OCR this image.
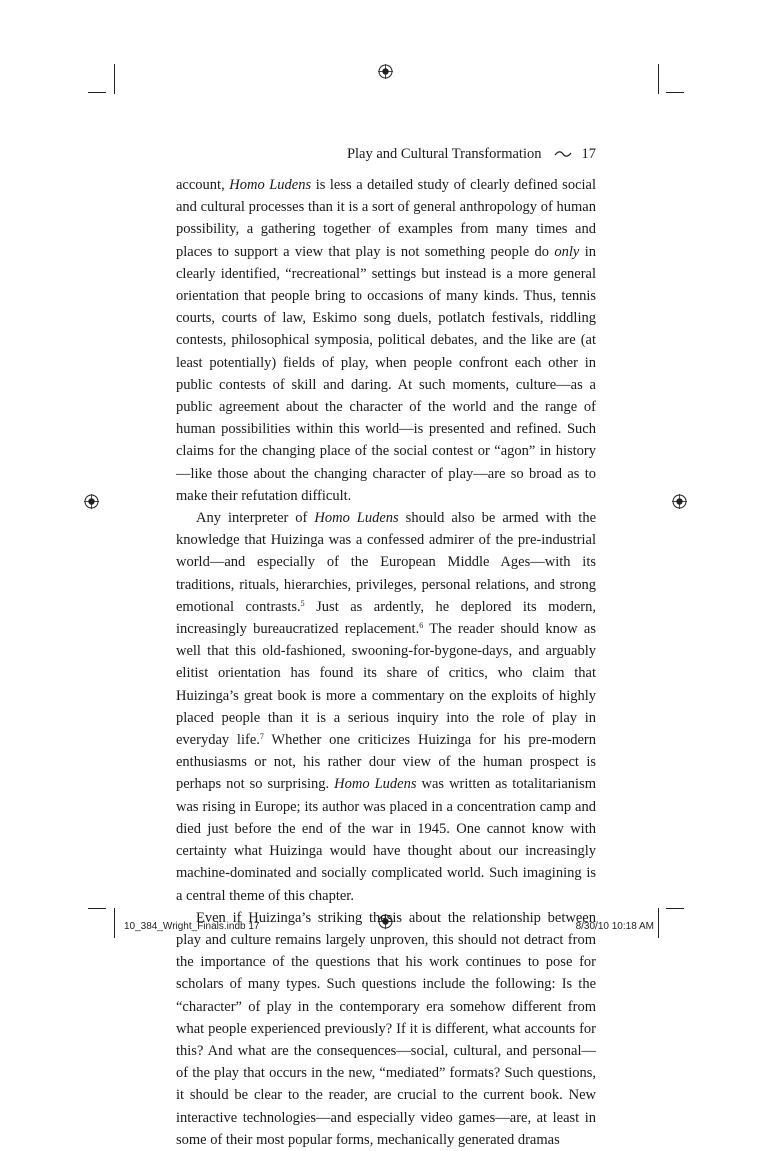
Play and Cultural Transformation	17

account, Homo Ludens is less a detailed study of clearly defined social and cultural processes than it is a sort of general anthropology of human possibility, a gathering together of examples from many times and places to support a view that play is not something people do only in clearly identified, “recreational” settings but instead is a more general orientation that people bring to occasions of many kinds. Thus, tennis courts, courts of law, Eskimo song duels, potlatch festivals, riddling contests, philosophical symposia, political debates, and the like are (at least potentially) fields of play, when people confront each other in public contests of skill and daring. At such moments, culture—as a public agreement about the character of the world and the range of human possibilities within this world—is presented and refined. Such claims for the changing place of the social contest or “agon” in history—like those about the changing character of play—are so broad as to make their refutation difficult.

Any interpreter of Homo Ludens should also be armed with the knowledge that Huizinga was a confessed admirer of the pre-industrial world—and especially of the European Middle Ages—with its traditions, rituals, hierarchies, privileges, personal relations, and strong emotional contrasts.$^5$ Just as ardently, he deplored its modern, increasingly bureaucratized replacement.$^6$ The reader should know as well that this old-fashioned, swooning-for-bygone-days, and arguably elitist orientation has found its share of critics, who claim that Huizinga’s great book is more a commentary on the exploits of highly placed people than it is a serious inquiry into the role of play in everyday life.$^7$ Whether one criticizes Huizinga for his pre-modern enthusiasms or not, his rather dour view of the human prospect is perhaps not so surprising. Homo Ludens was written as totalitarianism was rising in Europe; its author was placed in a concentration camp and died just before the end of the war in 1945. One cannot know with certainty what Huizinga would have thought about our increasingly machine-dominated and socially complicated world. Such imagining is a central theme of this chapter.

Even if Huizinga’s striking thesis about the relationship between play and culture remains largely unproven, this should not detract from the importance of the questions that his work continues to pose for scholars of many types. Such questions include the following: Is the “character” of play in the contemporary era somehow different from what people experienced previously? If it is different, what accounts for this? And what are the consequences—social, cultural, and personal—of the play that occurs in the new, “mediated” formats? Such questions, it should be clear to the reader, are crucial to the current book. New interactive technologies—and especially video games—are, at least in some of their most popular forms, mechanically generated dramas

10_384_Wright_Finals.indb 17	8/30/10 10:18 AM
